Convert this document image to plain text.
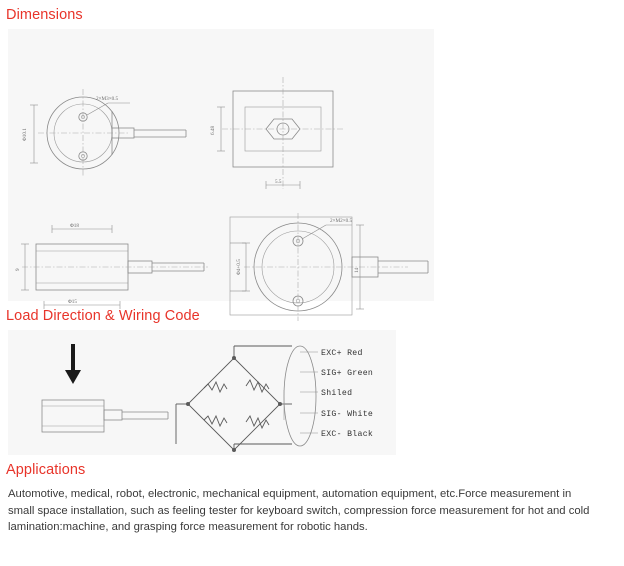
Dimensions
2×M3×0.5
Φ10.1	6.48
5.5
Φ18
9
Φ15
2×M2×0.5
14
Φ4+0.5
Load Direction & Wiring Code
EXC+ Red
SIG+ Green
Shiled
SIG- White
EXC- Black
Applications

Automotive, medical, robot, electronic, mechanical equipment, automation equipment, etc.Force measurement in small space installation, such as feeling tester for keyboard switch, compression force measurement for hot and cold lamination:machine, and grasping force measurement for robotic hands.
